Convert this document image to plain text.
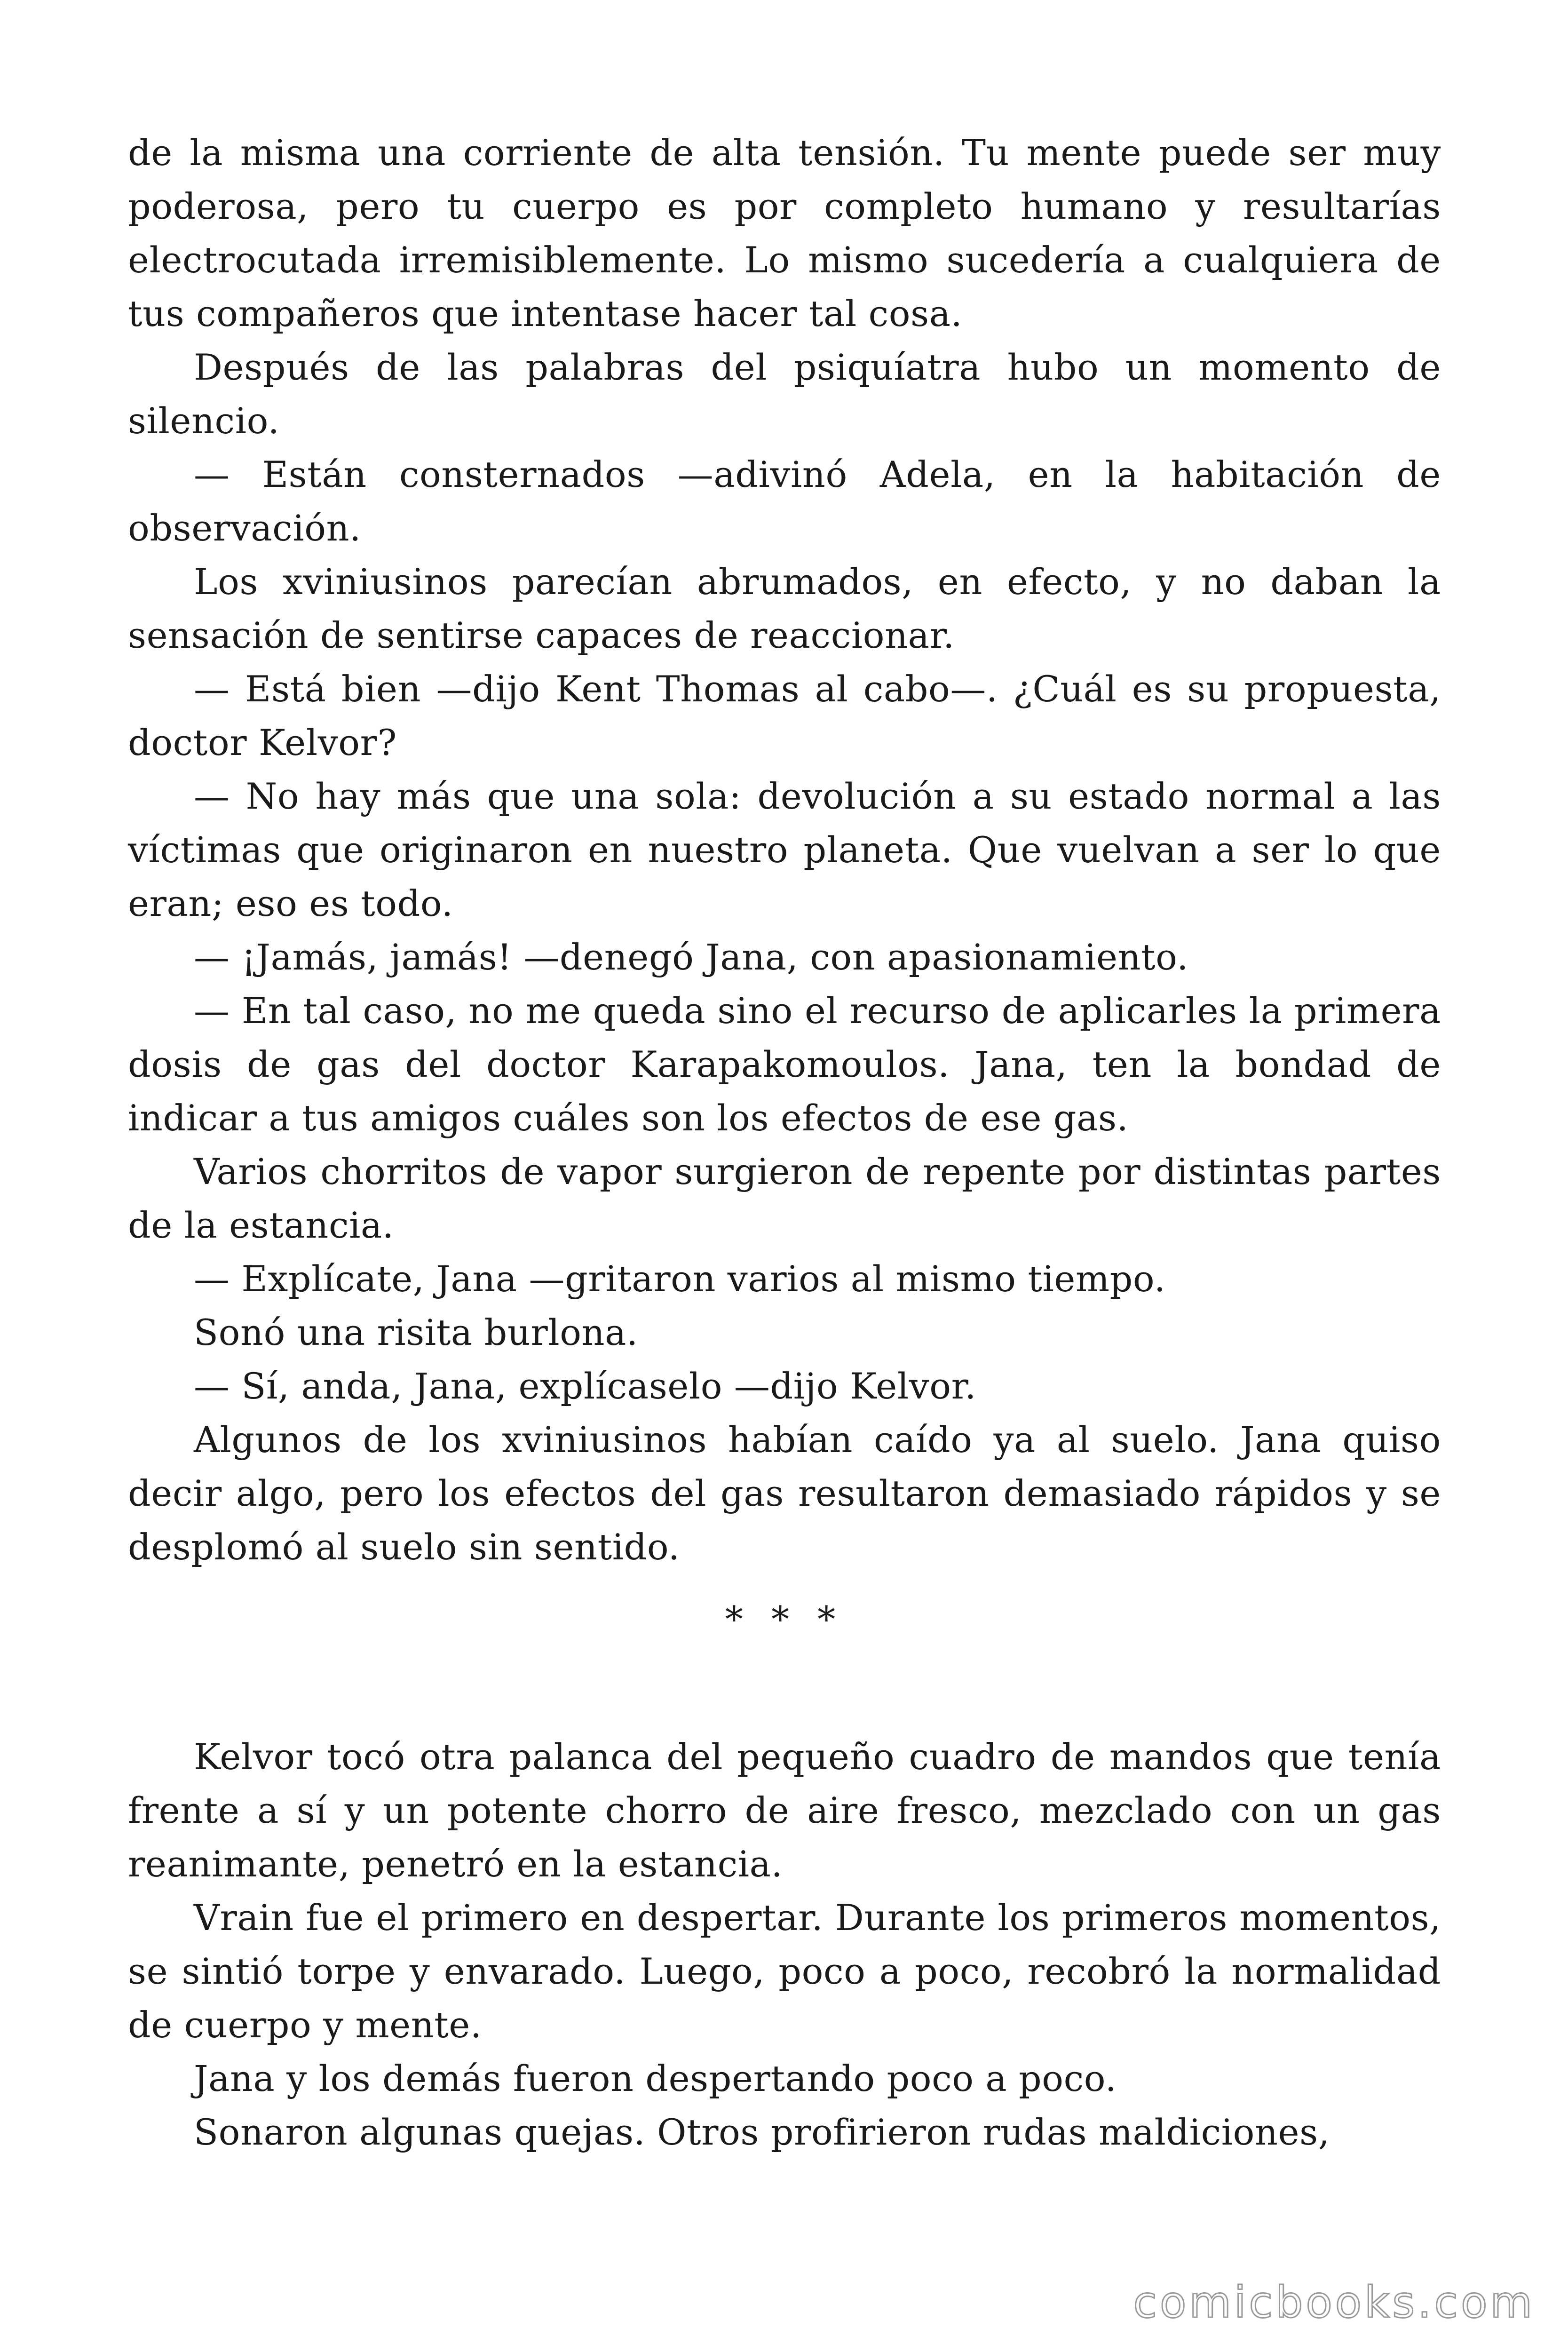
de la misma una corriente de alta tensión. Tu mente puede ser muy poderosa, pero tu cuerpo es por completo humano y resultarías electrocutada irremisiblemente. Lo mismo sucedería a cualquiera de tus compañeros que intentase hacer tal cosa.

Después de las palabras del psiquíatra hubo un momento de silencio.

— Están consternados —adivinó Adela, en la habitación de observación.

Los xviniusinos parecían abrumados, en efecto, y no daban la sensación de sentirse capaces de reaccionar.

— Está bien —dijo Kent Thomas al cabo—. ¿Cuál es su propuesta, doctor Kelvor?

— No hay más que una sola: devolución a su estado normal a las víctimas que originaron en nuestro planeta. Que vuelvan a ser lo que eran; eso es todo.

— ¡Jamás, jamás! —denegó Jana, con apasionamiento.

— En tal caso, no me queda sino el recurso de aplicarles la primera dosis de gas del doctor Karapakomoulos. Jana, ten la bondad de indicar a tus amigos cuáles son los efectos de ese gas.

Varios chorritos de vapor surgieron de repente por distintas partes de la estancia.

— Explícate, Jana —gritaron varios al mismo tiempo.

Sonó una risita burlona.

— Sí, anda, Jana, explícaselo —dijo Kelvor.

Algunos de los xviniusinos habían caído ya al suelo. Jana quiso decir algo, pero los efectos del gas resultaron demasiado rápidos y se desplomó al suelo sin sentido.

* * *

Kelvor tocó otra palanca del pequeño cuadro de mandos que tenía frente a sí y un potente chorro de aire fresco, mezclado con un gas reanimante, penetró en la estancia.

Vrain fue el primero en despertar. Durante los primeros momentos, se sintió torpe y envarado. Luego, poco a poco, recobró la normalidad de cuerpo y mente.

Jana y los demás fueron despertando poco a poco.

Sonaron algunas quejas. Otros profirieron rudas maldiciones,

comicbooks.com
